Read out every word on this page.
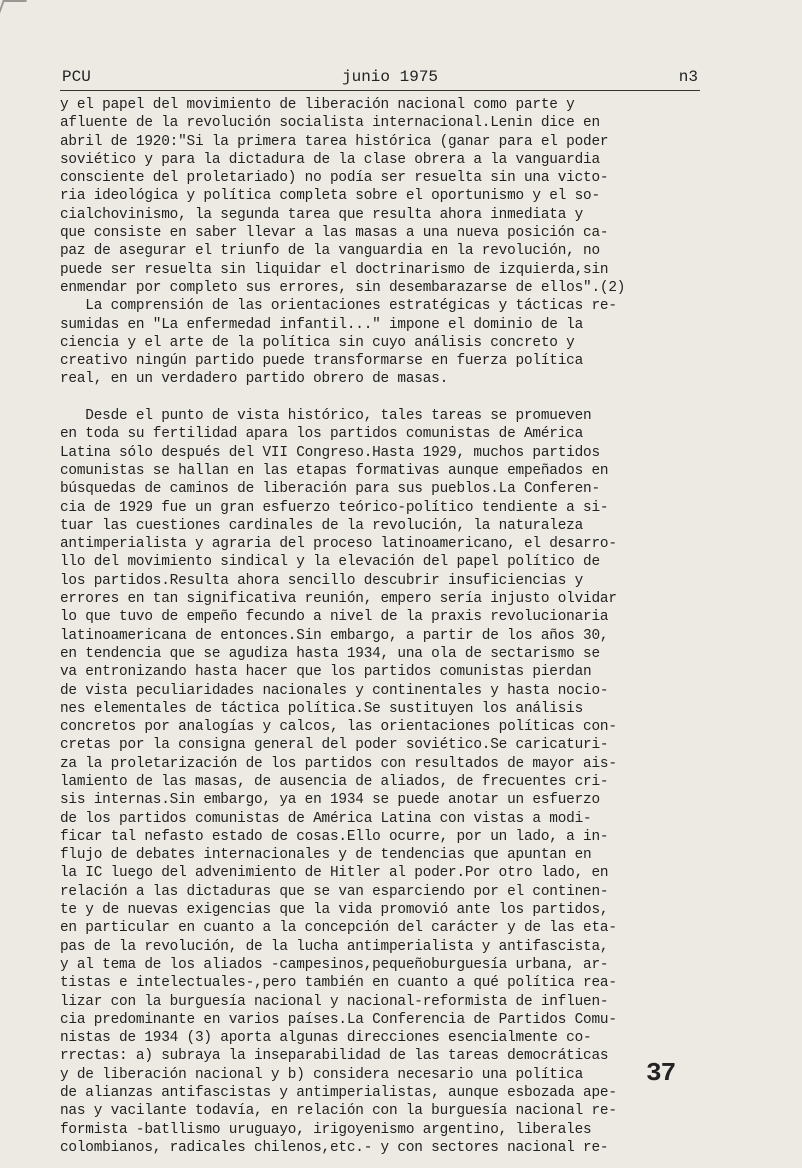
PCU	junio 1975	n3
y el papel del movimiento de liberación nacional como parte y
afluente de la revolución socialista internacional.Lenin dice en
abril de 1920:"Si la primera tarea histórica (ganar para el poder
soviético y para la dictadura de la clase obrera a la vanguardia
consciente del proletariado) no podía ser resuelta sin una victo-
ria ideológica y política completa sobre el oportunismo y el so-
cialchovinismo, la segunda tarea que resulta ahora inmediata y
que consiste en saber llevar a las masas a una nueva posición ca-
paz de asegurar el triunfo de la vanguardia en la revolución, no
puede ser resuelta sin liquidar el doctrinarismo de izquierda,sin
enmendar por completo sus errores, sin desembarazarse de ellos".(2)
La comprensión de las orientaciones estratégicas y tácticas re-
sumidas en "La enfermedad infantil..." impone el dominio de la
ciencia y el arte de la política sin cuyo análisis concreto y
creativo ningún partido puede transformarse en fuerza política
real, en un verdadero partido obrero de masas.
Desde el punto de vista histórico, tales tareas se promueven
en toda su fertilidad apara los partidos comunistas de América
Latina sólo después del VII Congreso.Hasta 1929, muchos partidos
comunistas se hallan en las etapas formativas aunque empeñados en
búsquedas de caminos de liberación para sus pueblos.La Conferen-
cia de 1929 fue un gran esfuerzo teórico-político tendiente a si-
tuar las cuestiones cardinales de la revolución, la naturaleza
antimperialista y agraria del proceso latinoamericano, el desarro-
llo del movimiento sindical y la elevación del papel político de
los partidos.Resulta ahora sencillo descubrir insuficiencias y
errores en tan significativa reunión, empero sería injusto olvidar
lo que tuvo de empeño fecundo a nivel de la praxis revolucionaria
latinoamericana de entonces.Sin embargo, a partir de los años 30,
en tendencia que se agudiza hasta 1934, una ola de sectarismo se
va entronizando hasta hacer que los partidos comunistas pierdan
de vista peculiaridades nacionales y continentales y hasta nocio-
nes elementales de táctica política.Se sustituyen los análisis
concretos por analogías y calcos, las orientaciones políticas con-
cretas por la consigna general del poder soviético.Se caricaturi-
za la proletarización de los partidos con resultados de mayor ais-
lamiento de las masas, de ausencia de aliados, de frecuentes cri-
sis internas.Sin embargo, ya en 1934 se puede anotar un esfuerzo
de los partidos comunistas de América Latina con vistas a modi-
ficar tal nefasto estado de cosas.Ello ocurre, por un lado, a in-
flujo de debates internacionales y de tendencias que apuntan en
la IC luego del advenimiento de Hitler al poder.Por otro lado, en
relación a las dictaduras que se van esparciendo por el continen-
te y de nuevas exigencias que la vida promovió ante los partidos,
en particular en cuanto a la concepción del carácter y de las eta-
pas de la revolución, de la lucha antimperialista y antifascista,
y al tema de los aliados -campesinos,pequeñoburguesía urbana, ar-
tistas e intelectuales-,pero también en cuanto a qué política rea-
lizar con la burguesía nacional y nacional-reformista de influen-
cia predominante en varios países.La Conferencia de Partidos Comu-
nistas de 1934 (3) aporta algunas direcciones esencialmente co-
rrectas: a) subraya la inseparabilidad de las tareas democráticas
y de liberación nacional y b) considera necesario una política
de alianzas antifascistas y antimperialistas, aunque esbozada ape-
nas y vacilante todavía, en relación con la burguesía nacional re-
formista -batllismo uruguayo, irigoyenismo argentino, liberales
colombianos, radicales chilenos,etc.- y con sectores nacional re-
37
